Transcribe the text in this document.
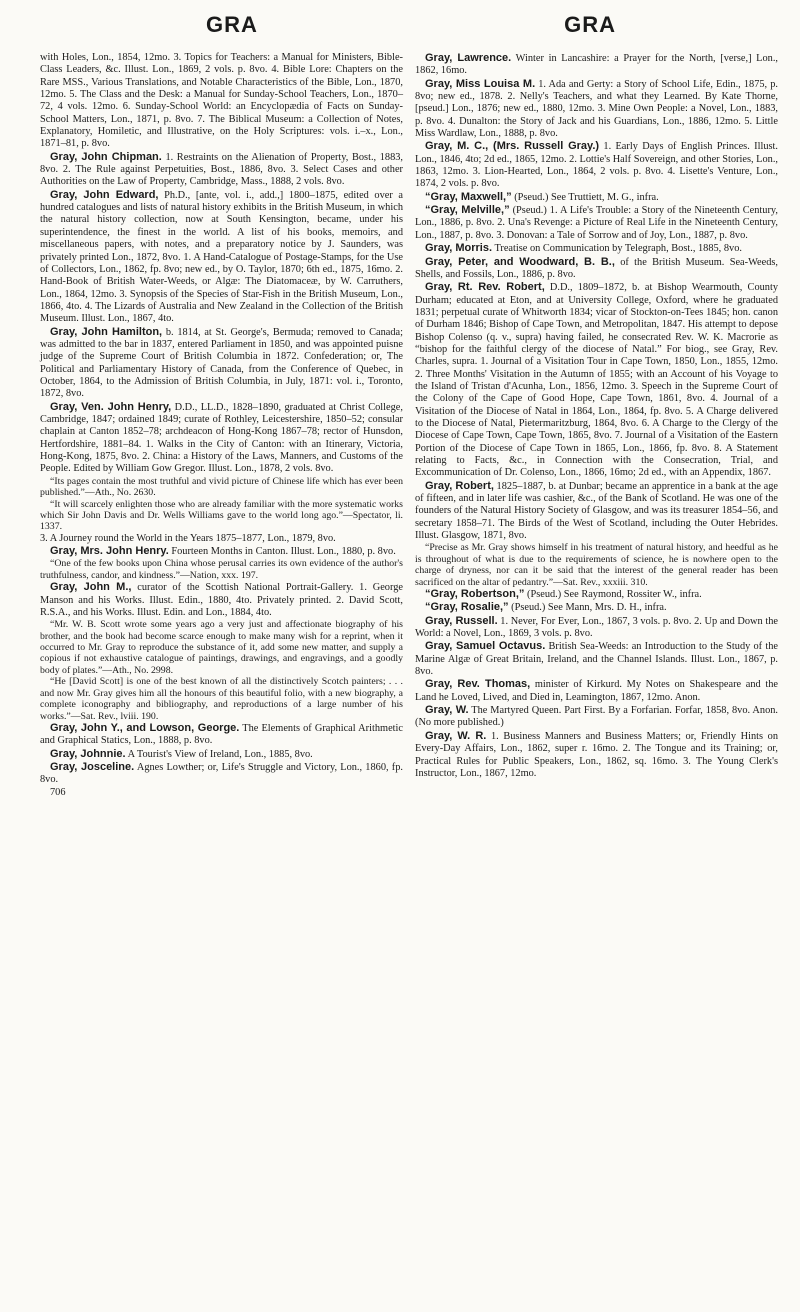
GRA	GRA

with Holes, Lon., 1854, 12mo. 3. Topics for Teachers: a Manual for Ministers, Bible-Class Leaders, &c. Illust. Lon., 1869, 2 vols. p. 8vo. 4. Bible Lore: Chapters on the Rare MSS., Various Translations, and Notable Characteristics of the Bible, Lon., 1870, 12mo. 5. The Class and the Desk: a Manual for Sunday-School Teachers, Lon., 1870–72, 4 vols. 12mo. 6. Sunday-School World: an Encyclopædia of Facts on Sunday-School Matters, Lon., 1871, p. 8vo. 7. The Biblical Museum: a Collection of Notes, Explanatory, Homiletic, and Illustrative, on the Holy Scriptures: vols. i.–x., Lon., 1871–81, p. 8vo.

Gray, John Chipman. 1. Restraints on the Alienation of Property, Bost., 1883, 8vo. 2. The Rule against Perpetuities, Bost., 1886, 8vo. 3. Select Cases and other Authorities on the Law of Property, Cambridge, Mass., 1888, 2 vols. 8vo.

Gray, John Edward, Ph.D., [ante, vol. i., add.,] 1800–1875, edited over a hundred catalogues and lists of natural history exhibits in the British Museum, in which the natural history collection, now at South Kensington, became, under his superintendence, the finest in the world. A list of his books, memoirs, and miscellaneous papers, with notes, and a preparatory notice by J. Saunders, was privately printed Lon., 1872, 8vo. 1. A Hand-Catalogue of Postage-Stamps, for the Use of Collectors, Lon., 1862, fp. 8vo; new ed., by O. Taylor, 1870; 6th ed., 1875, 16mo. 2. Hand-Book of British Water-Weeds, or Algæ: The Diatomaceæ, by W. Carruthers, Lon., 1864, 12mo. 3. Synopsis of the Species of Star-Fish in the British Museum, Lon., 1866, 4to. 4. The Lizards of Australia and New Zealand in the Collection of the British Museum. Illust. Lon., 1867, 4to.

Gray, John Hamilton, b. 1814, at St. George's, Bermuda; removed to Canada; was admitted to the bar in 1837, entered Parliament in 1850, and was appointed puisne judge of the Supreme Court of British Columbia in 1872. Confederation; or, The Political and Parliamentary History of Canada, from the Conference of Quebec, in October, 1864, to the Admission of British Columbia, in July, 1871: vol. i., Toronto, 1872, 8vo.

Gray, Ven. John Henry, D.D., LL.D., 1828–1890, graduated at Christ College, Cambridge, 1847; ordained 1849; curate of Rothley, Leicestershire, 1850–52; consular chaplain at Canton 1852–78; archdeacon of Hong-Kong 1867–78; rector of Hunsdon, Hertfordshire, 1881–84. 1. Walks in the City of Canton: with an Itinerary, Victoria, Hong-Kong, 1875, 8vo. 2. China: a History of the Laws, Manners, and Customs of the People. Edited by William Gow Gregor. Illust. Lon., 1878, 2 vols. 8vo.

“Its pages contain the most truthful and vivid picture of Chinese life which has ever been published.”—Ath., No. 2630.

“It will scarcely enlighten those who are already familiar with the more systematic works which Sir John Davis and Dr. Wells Williams gave to the world long ago.”—Spectator, li. 1337.

3. A Journey round the World in the Years 1875–1877, Lon., 1879, 8vo.

Gray, Mrs. John Henry. Fourteen Months in Canton. Illust. Lon., 1880, p. 8vo.

“One of the few books upon China whose perusal carries its own evidence of the author's truthfulness, candor, and kindness.”—Nation, xxx. 197.

Gray, John M., curator of the Scottish National Portrait-Gallery. 1. George Manson and his Works. Illust. Edin., 1880, 4to. Privately printed. 2. David Scott, R.S.A., and his Works. Illust. Edin. and Lon., 1884, 4to.

“Mr. W. B. Scott wrote some years ago a very just and affectionate biography of his brother, and the book had become scarce enough to make many wish for a reprint, when it occurred to Mr. Gray to reproduce the substance of it, add some new matter, and supply a copious if not exhaustive catalogue of paintings, drawings, and engravings, and a goodly body of plates.”—Ath., No. 2998.

“He [David Scott] is one of the best known of all the distinctively Scotch painters; . . . and now Mr. Gray gives him all the honours of this beautiful folio, with a new biography, a complete iconography and bibliography, and reproductions of a large number of his works.”—Sat. Rev., lviii. 190.

Gray, John Y., and Lowson, George. The Elements of Graphical Arithmetic and Graphical Statics, Lon., 1888, p. 8vo.

Gray, Johnnie. A Tourist's View of Ireland, Lon., 1885, 8vo.

Gray, Josceline. Agnes Lowther; or, Life's Struggle and Victory, Lon., 1860, fp. 8vo.

706

Gray, Lawrence. Winter in Lancashire: a Prayer for the North, [verse,] Lon., 1862, 16mo.

Gray, Miss Louisa M. 1. Ada and Gerty: a Story of School Life, Edin., 1875, p. 8vo; new ed., 1878. 2. Nelly's Teachers, and what they Learned. By Kate Thorne, [pseud.] Lon., 1876; new ed., 1880, 12mo. 3. Mine Own People: a Novel, Lon., 1883, p. 8vo. 4. Dunalton: the Story of Jack and his Guardians, Lon., 1886, 12mo. 5. Little Miss Wardlaw, Lon., 1888, p. 8vo.

Gray, M. C., (Mrs. Russell Gray.) 1. Early Days of English Princes. Illust. Lon., 1846, 4to; 2d ed., 1865, 12mo. 2. Lottie's Half Sovereign, and other Stories, Lon., 1863, 12mo. 3. Lion-Hearted, Lon., 1864, 2 vols. p. 8vo. 4. Lisette's Venture, Lon., 1874, 2 vols. p. 8vo.

“Gray, Maxwell,” (Pseud.) See Truttiett, M. G., infra.

“Gray, Melville,” (Pseud.) 1. A Life's Trouble: a Story of the Nineteenth Century, Lon., 1886, p. 8vo. 2. Una's Revenge: a Picture of Real Life in the Nineteenth Century, Lon., 1887, p. 8vo. 3. Donovan: a Tale of Sorrow and of Joy, Lon., 1887, p. 8vo.

Gray, Morris. Treatise on Communication by Telegraph, Bost., 1885, 8vo.

Gray, Peter, and Woodward, B. B., of the British Museum. Sea-Weeds, Shells, and Fossils, Lon., 1886, p. 8vo.

Gray, Rt. Rev. Robert, D.D., 1809–1872, b. at Bishop Wearmouth, County Durham; educated at Eton, and at University College, Oxford, where he graduated 1831; perpetual curate of Whitworth 1834; vicar of Stockton-on-Tees 1845; hon. canon of Durham 1846; Bishop of Cape Town, and Metropolitan, 1847. His attempt to depose Bishop Colenso (q. v., supra) having failed, he consecrated Rev. W. K. Macrorie as “bishop for the faithful clergy of the diocese of Natal.” For biog., see Gray, Rev. Charles, supra. 1. Journal of a Visitation Tour in Cape Town, 1850, Lon., 1855, 12mo. 2. Three Months' Visitation in the Autumn of 1855; with an Account of his Voyage to the Island of Tristan d'Acunha, Lon., 1856, 12mo. 3. Speech in the Supreme Court of the Colony of the Cape of Good Hope, Cape Town, 1861, 8vo. 4. Journal of a Visitation of the Diocese of Natal in 1864, Lon., 1864, fp. 8vo. 5. A Charge delivered to the Diocese of Natal, Pietermaritzburg, 1864, 8vo. 6. A Charge to the Clergy of the Diocese of Cape Town, Cape Town, 1865, 8vo. 7. Journal of a Visitation of the Eastern Portion of the Diocese of Cape Town in 1865, Lon., 1866, fp. 8vo. 8. A Statement relating to Facts, &c., in Connection with the Consecration, Trial, and Excommunication of Dr. Colenso, Lon., 1866, 16mo; 2d ed., with an Appendix, 1867.

Gray, Robert, 1825–1887, b. at Dunbar; became an apprentice in a bank at the age of fifteen, and in later life was cashier, &c., of the Bank of Scotland. He was one of the founders of the Natural History Society of Glasgow, and was its treasurer 1854–56, and secretary 1858–71. The Birds of the West of Scotland, including the Outer Hebrides. Illust. Glasgow, 1871, 8vo.

“Precise as Mr. Gray shows himself in his treatment of natural history, and heedful as he is throughout of what is due to the requirements of science, he is nowhere open to the charge of dryness, nor can it be said that the interest of the general reader has been sacrificed on the altar of pedantry.”—Sat. Rev., xxxiii. 310.

“Gray, Robertson,” (Pseud.) See Raymond, Rossiter W., infra.

“Gray, Rosalie,” (Pseud.) See Mann, Mrs. D. H., infra.

Gray, Russell. 1. Never, For Ever, Lon., 1867, 3 vols. p. 8vo. 2. Up and Down the World: a Novel, Lon., 1869, 3 vols. p. 8vo.

Gray, Samuel Octavus. British Sea-Weeds: an Introduction to the Study of the Marine Algæ of Great Britain, Ireland, and the Channel Islands. Illust. Lon., 1867, p. 8vo.

Gray, Rev. Thomas, minister of Kirkurd. My Notes on Shakespeare and the Land he Loved, Lived, and Died in, Leamington, 1867, 12mo. Anon.

Gray, W. The Martyred Queen. Part First. By a Forfarian. Forfar, 1858, 8vo. Anon. (No more published.)

Gray, W. R. 1. Business Manners and Business Matters; or, Friendly Hints on Every-Day Affairs, Lon., 1862, super r. 16mo. 2. The Tongue and its Training; or, Practical Rules for Public Speakers, Lon., 1862, sq. 16mo. 3. The Young Clerk's Instructor, Lon., 1867, 12mo.
